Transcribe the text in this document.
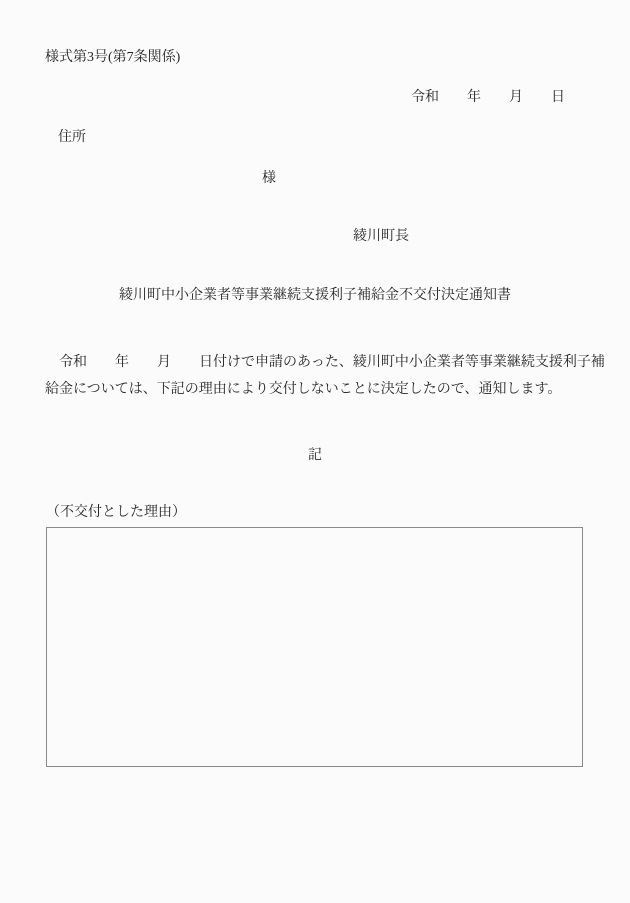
様式第3号(第7条関係)
令和　　年　　月　　日
住所
様
綾川町長
綾川町中小企業者等事業継続支援利子補給金不交付決定通知書
令和　　年　　月　　日付けで申請のあった、綾川町中小企業者等事業継続支援利子補
給金については、下記の理由により交付しないことに決定したので、通知します。
記
（不交付とした理由）
